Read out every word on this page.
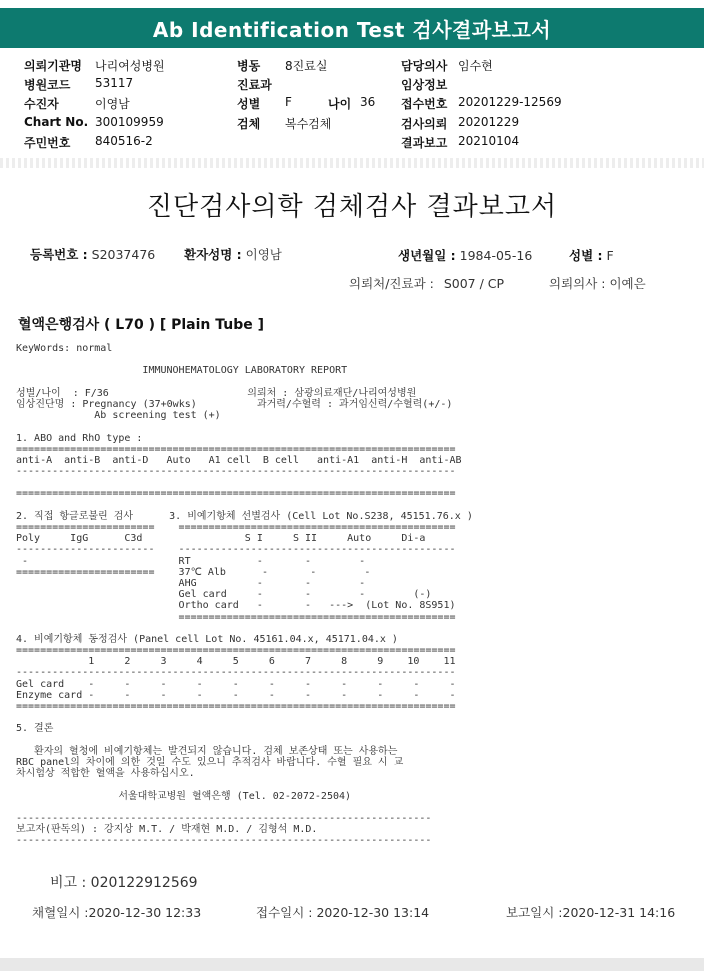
Ab Identification Test 검사결과보고서
의뢰기관명 나리여성병원	병동 8진료실	담당의사 임수현
병원코드 53117	진료과	임상정보
수진자	이영남	성별 F	나이 36 접수번호 20201229-12569
Chart No. 300109959	검체 복수검체	검사의뢰 20201229
주민번호 840516-2	결과보고 20210104
진단검사의학 검체검사 결과보고서
등록번호 : S2037476 환자성명 : 이영남	생년월일 : 1984-05-16	성별 : F
의뢰처/진료과 : S007 / CP	의뢰의사 : 이예은
혈액은행검사 ( L70 ) [ Plain Tube ]
KeyWords: normal
IMMUNOHEMATOLOGY LABORATORY REPORT
성별/나이  : F/36                       의뢰처 : 삼광의료재단/나리여성병원
임상진단명 : Pregnancy (37+0wks)          과거력/수혈력 : 과거임신력/수혈력(+/-)
Ab screening test (+)
1. ABO and RhO type :
=========================================================================
anti-A  anti-B  anti-D   Auto   A1 cell  B cell   anti-A1  anti-H  anti-AB
-------------------------------------------------------------------------
=========================================================================
2. 직접 항글로불린 검사      3. 비예기항체 선별검사 (Cell Lot No.S238, 45151.76.x )
=======================    ==============================================
Poly     IgG      C3d                 S I     S II     Auto     Di-a
-----------------------    ----------------------------------------------
-                         RT           -       -        -
=======================    37℃ Alb      -       -        -
AHG          -       -        -
Gel card     -       -        -        (-)
Ortho card   -       -   --->  (Lot No. 8S951)
==============================================
4. 비예기항체 동정검사 (Panel cell Lot No. 45161.04.x, 45171.04.x )
=========================================================================
1     2     3     4     5     6     7     8     9    10    11
-------------------------------------------------------------------------
Gel card    -     -     -     -     -     -     -     -     -     -     -
Enzyme card -     -     -     -     -     -     -     -     -     -     -
=========================================================================
5. 결론
환자의 혈청에 비예기항체는 발견되지 않습니다. 검체 보존상태 또는 사용하는
RBC panel의 차이에 의한 것일 수도 있으니 추적검사 바랍니다. 수혈 필요 시 교
차시험상 적합한 혈액을 사용하십시오.
서울대학교병원 혈액은행 (Tel. 02-2072-2504)
---------------------------------------------------------------------
보고자(판독의) : 강지상 M.T. / 박재현 M.D. / 김형석 M.D.
---------------------------------------------------------------------
비고 : 020122912569
채혈일시 :2020-12-30 12:33	접수일시 : 2020-12-30 13:14	보고일시 :2020-12-31 14:16
